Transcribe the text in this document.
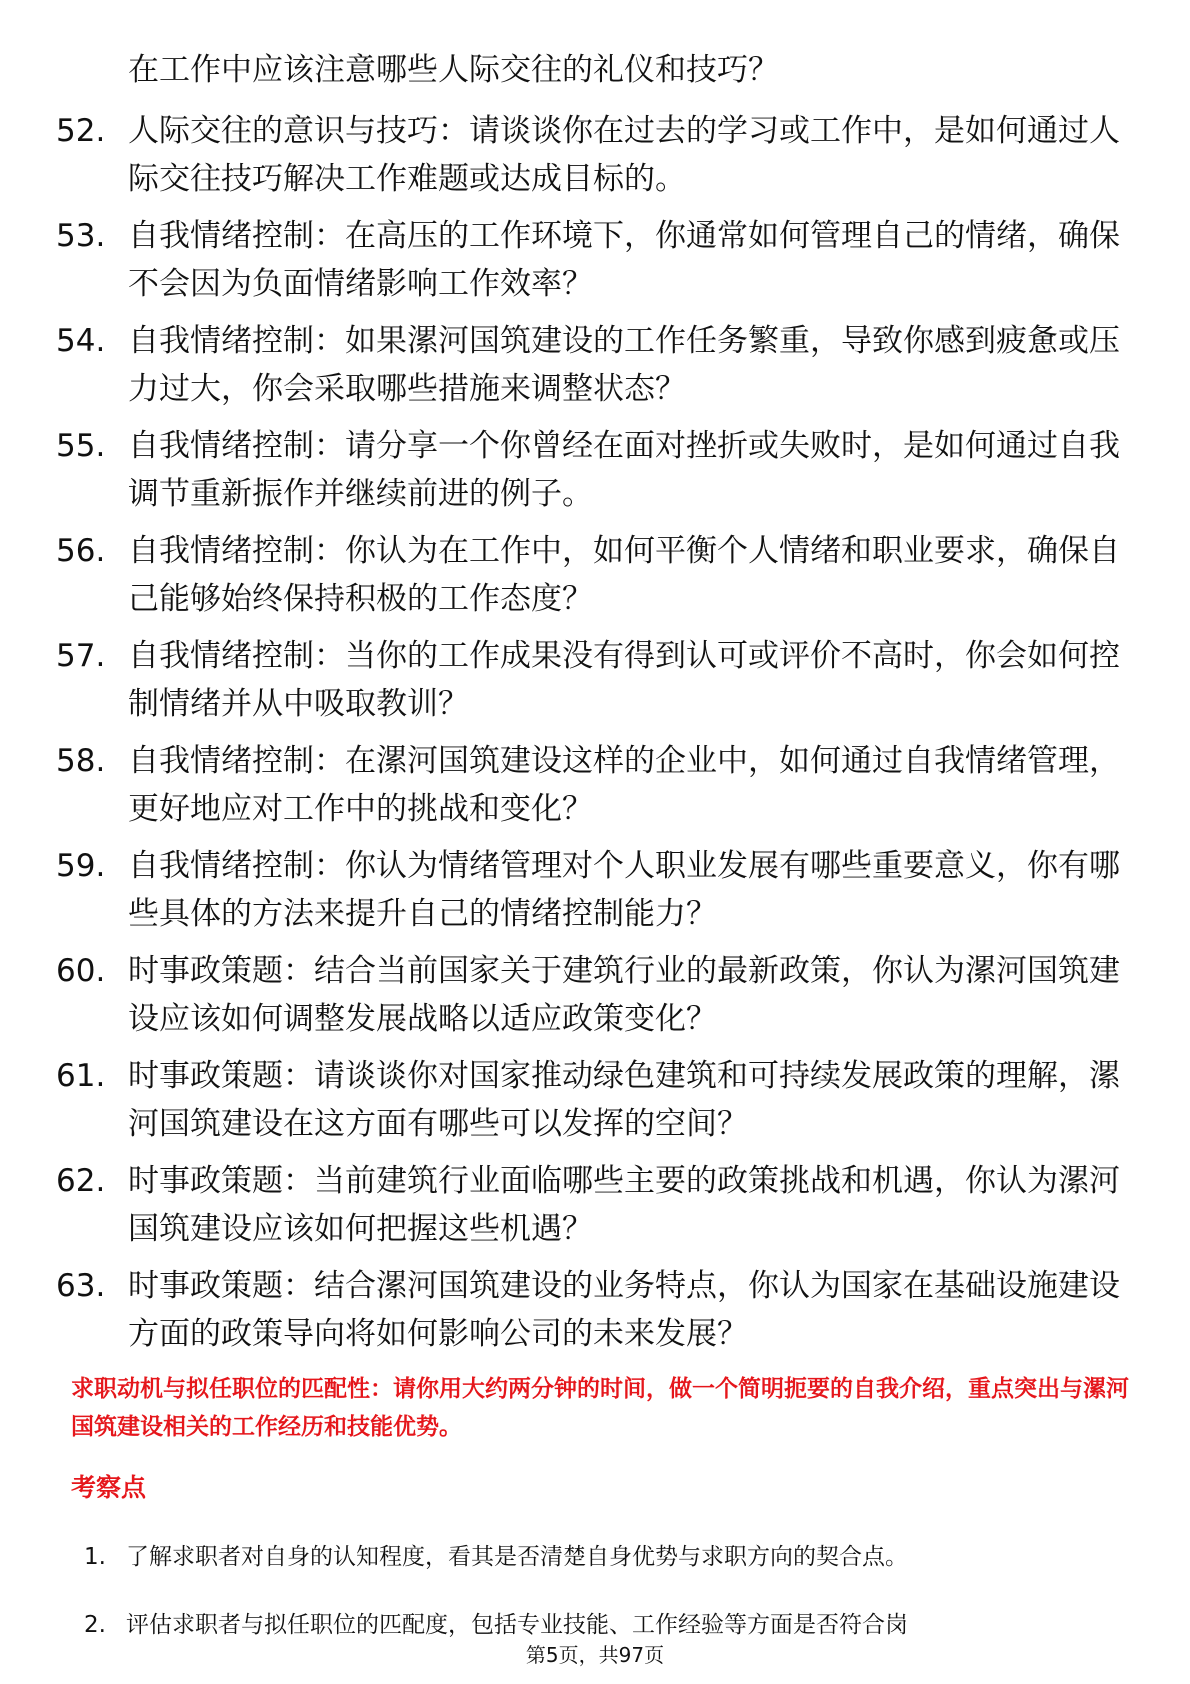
在工作中应该注意哪些人际交往的礼仪和技巧？
52. 人际交往的意识与技巧：请谈谈你在过去的学习或工作中，是如何通过人际交往技巧解决工作难题或达成目标的。
53. 自我情绪控制：在高压的工作环境下，你通常如何管理自己的情绪，确保不会因为负面情绪影响工作效率？
54. 自我情绪控制：如果漯河国筑建设的工作任务繁重，导致你感到疲惫或压力过大，你会采取哪些措施来调整状态？
55. 自我情绪控制：请分享一个你曾经在面对挫折或失败时，是如何通过自我调节重新振作并继续前进的例子。
56. 自我情绪控制：你认为在工作中，如何平衡个人情绪和职业要求，确保自己能够始终保持积极的工作态度？
57. 自我情绪控制：当你的工作成果没有得到认可或评价不高时，你会如何控制情绪并从中吸取教训？
58. 自我情绪控制：在漯河国筑建设这样的企业中，如何通过自我情绪管理，更好地应对工作中的挑战和变化？
59. 自我情绪控制：你认为情绪管理对个人职业发展有哪些重要意义，你有哪些具体的方法来提升自己的情绪控制能力？
60. 时事政策题：结合当前国家关于建筑行业的最新政策，你认为漯河国筑建设应该如何调整发展战略以适应政策变化？
61. 时事政策题：请谈谈你对国家推动绿色建筑和可持续发展政策的理解，漯河国筑建设在这方面有哪些可以发挥的空间？
62. 时事政策题：当前建筑行业面临哪些主要的政策挑战和机遇，你认为漯河国筑建设应该如何把握这些机遇？
63. 时事政策题：结合漯河国筑建设的业务特点，你认为国家在基础设施建设方面的政策导向将如何影响公司的未来发展？
求职动机与拟任职位的匹配性：请你用大约两分钟的时间，做一个简明扼要的自我介绍，重点突出与漯河国筑建设相关的工作经历和技能优势。
考察点
1. 了解求职者对自身的认知程度，看其是否清楚自身优势与求职方向的契合点。
2. 评估求职者与拟任职位的匹配度，包括专业技能、工作经验等方面是否符合岗
第5页，共97页
